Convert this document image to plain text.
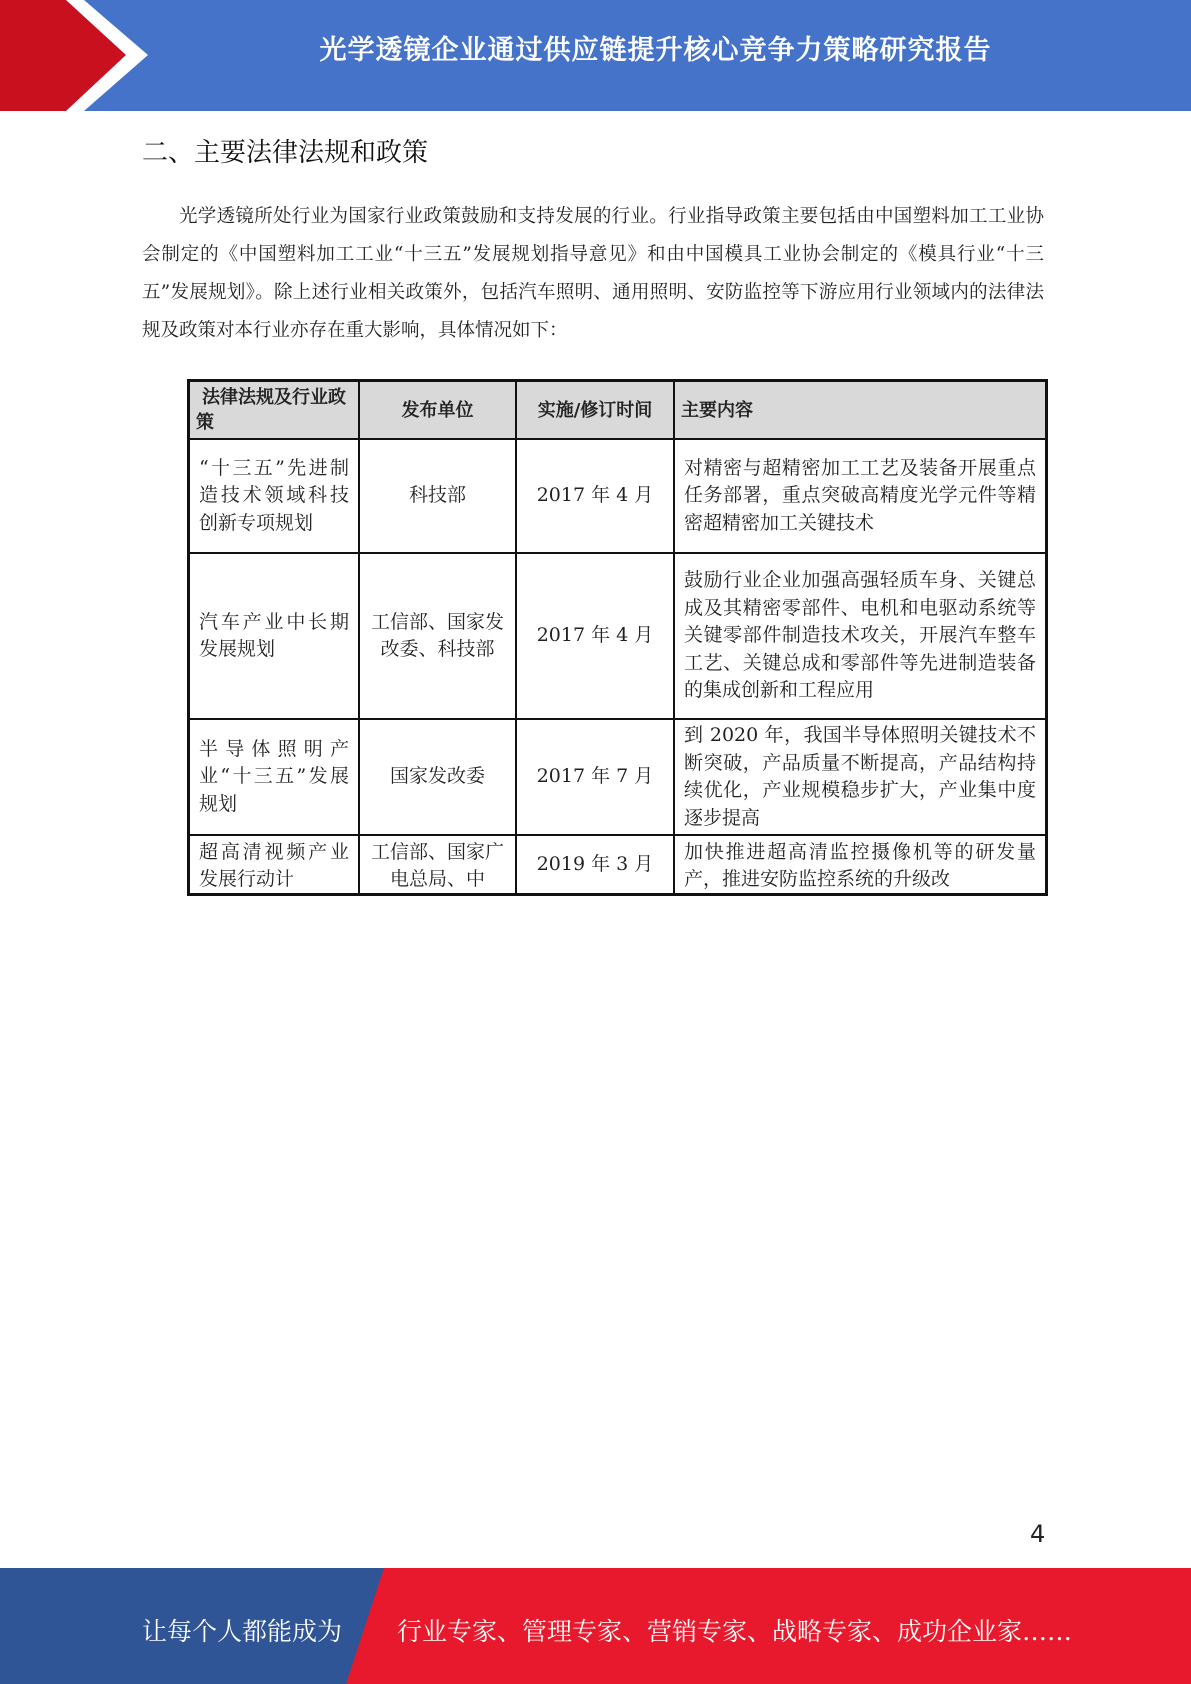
光学透镜企业通过供应链提升核心竞争力策略研究报告
二、主要法律法规和政策

光学透镜所处行业为国家行业政策鼓励和支持发展的行业。行业指导政策主要包括由中国塑料加工工业协会制定的《中国塑料加工工业“十三五”发展规划指导意见》和由中国模具工业协会制定的《模具行业“十三五”发展规划》。除上述行业相关政策外，包括汽车照明、通用照明、安防监控等下游应用行业领域内的法律法规及政策对本行业亦存在重大影响，具体情况如下：

法律法规及行业政策	发布单位	实施/修订时间	主要内容
“十三五”先进制造技术领域科技创新专项规划	科技部	2017 年 4 月	对精密与超精密加工工艺及装备开展重点任务部署，重点突破高精度光学元件等精密超精密加工关键技术
汽车产业中长期发展规划	工信部、国家发改委、科技部	2017 年 4 月	鼓励行业企业加强高强轻质车身、关键总成及其精密零部件、电机和电驱动系统等关键零部件制造技术攻关，开展汽车整车工艺、关键总成和零部件等先进制造装备的集成创新和工程应用
半导体照明产业“十三五”发展规划	国家发改委	2017 年 7 月	到 2020 年，我国半导体照明关键技术不断突破，产品质量不断提高，产品结构持续优化，产业规模稳步扩大，产业集中度逐步提高

超高清视频产业发展行动计	工信部、国家广电总局、中	2019 年 3 月	加快推进超高清监控摄像机等的研发量产，推进安防监控系统的升级改
4
让每个人都能成为 行业专家、管理专家、营销专家、战略专家、成功企业家……
